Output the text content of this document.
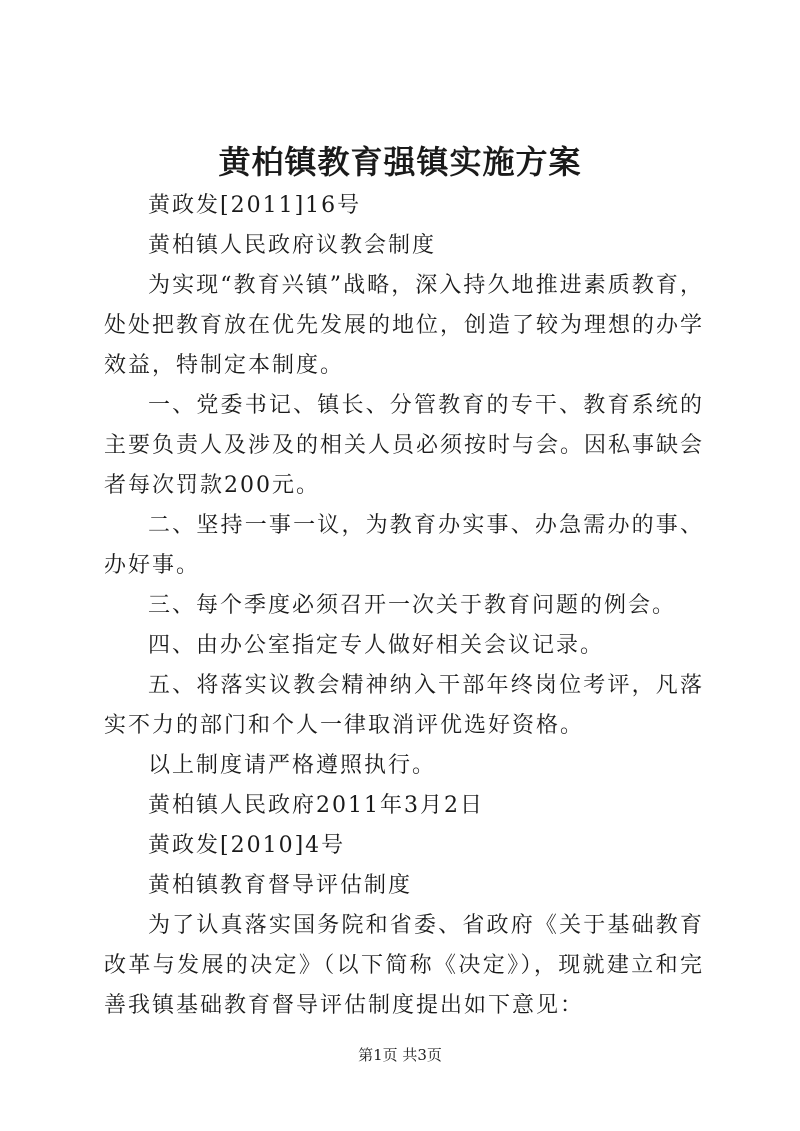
黄柏镇教育强镇实施方案

黄政发[2011]16号

黄柏镇人民政府议教会制度

为实现“教育兴镇”战略，深入持久地推进素质教育，处处把教育放在优先发展的地位，创造了较为理想的办学效益，特制定本制度。

一、党委书记、镇长、分管教育的专干、教育系统的主要负责人及涉及的相关人员必须按时与会。因私事缺会者每次罚款200元。

二、坚持一事一议，为教育办实事、办急需办的事、办好事。

三、每个季度必须召开一次关于教育问题的例会。

四、由办公室指定专人做好相关会议记录。

五、将落实议教会精神纳入干部年终岗位考评，凡落实不力的部门和个人一律取消评优选好资格。

以上制度请严格遵照执行。

黄柏镇人民政府2011年3月2日

黄政发[2010]4号

黄柏镇教育督导评估制度

为了认真落实国务院和省委、省政府《关于基础教育改革与发展的决定》（以下简称《决定》），现就建立和完善我镇基础教育督导评估制度提出如下意见：

第1页 共3页
